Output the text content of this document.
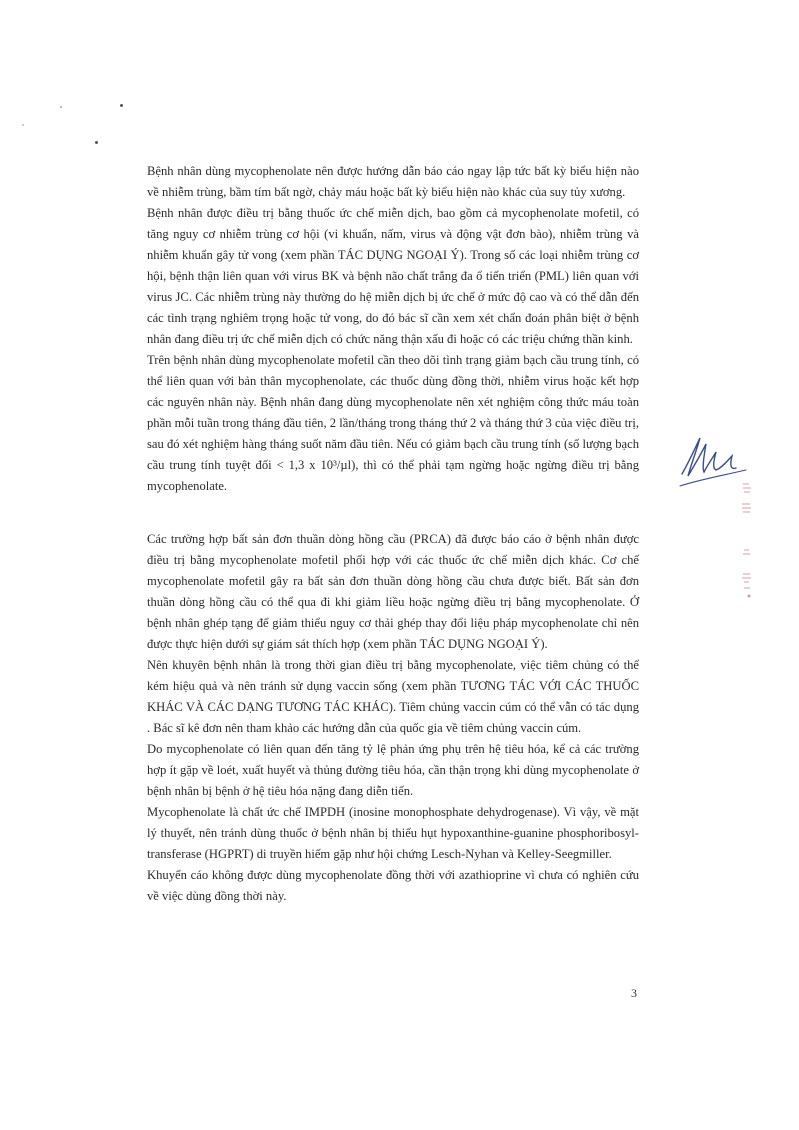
Bệnh nhân dùng mycophenolate nên được hướng dẫn báo cáo ngay lập tức bất kỳ biểu hiện nào về nhiễm trùng, bầm tím bất ngờ, chảy máu hoặc bất kỳ biểu hiện nào khác của suy tủy xương.

Bệnh nhân được điều trị bằng thuốc ức chế miễn dịch, bao gồm cả mycophenolate mofetil, có tăng nguy cơ nhiễm trùng cơ hội (vi khuẩn, nấm, virus và động vật đơn bào), nhiễm trùng và nhiễm khuẩn gây tử vong (xem phần TÁC DỤNG NGOẠI Ý). Trong số các loại nhiễm trùng cơ hội, bệnh thận liên quan với virus BK và bệnh não chất trắng đa ổ tiến triển (PML) liên quan với virus JC. Các nhiễm trùng này thường do hệ miễn dịch bị ức chế ở mức độ cao và có thể dẫn đến các tình trạng nghiêm trọng hoặc tử vong, do đó bác sĩ cần xem xét chẩn đoán phân biệt ở bệnh nhân đang điều trị ức chế miễn dịch có chức năng thận xấu đi hoặc có các triệu chứng thần kinh.

Trên bệnh nhân dùng mycophenolate mofetil cần theo dõi tình trạng giảm bạch cầu trung tính, có thể liên quan với bản thân mycophenolate, các thuốc dùng đồng thời, nhiễm virus hoặc kết hợp các nguyên nhân này. Bệnh nhân đang dùng mycophenolate nên xét nghiệm công thức máu toàn phần mỗi tuần trong tháng đầu tiên, 2 lần/tháng trong tháng thứ 2 và tháng thứ 3 của việc điều trị, sau đó xét nghiệm hàng tháng suốt năm đầu tiên. Nếu có giảm bạch cầu trung tính (số lượng bạch cầu trung tính tuyệt đối < 1,3 x 10³/µl), thì có thể phải tạm ngừng hoặc ngừng điều trị bằng mycophenolate.

Các trường hợp bất sản đơn thuần dòng hồng cầu (PRCA) đã được báo cáo ở bệnh nhân được điều trị bằng mycophenolate mofetil phối hợp với các thuốc ức chế miễn dịch khác. Cơ chế mycophenolate mofetil gây ra bất sản đơn thuần dòng hồng cầu chưa được biết. Bất sản đơn thuần dòng hồng cầu có thể qua đi khi giảm liều hoặc ngừng điều trị bằng mycophenolate. Ở bệnh nhân ghép tạng để giảm thiểu nguy cơ thải ghép thay đổi liệu pháp mycophenolate chỉ nên được thực hiện dưới sự giám sát thích hợp (xem phần TÁC DỤNG NGOẠI Ý).

Nên khuyên bệnh nhân là trong thời gian điều trị bằng mycophenolate, việc tiêm chủng có thể kém hiệu quả và nên tránh sử dụng vaccin sống (xem phần TƯƠNG TÁC VỚI CÁC THUỐC KHÁC VÀ CÁC DẠNG TƯƠNG TÁC KHÁC). Tiêm chủng vaccin cúm có thể vẫn có tác dụng . Bác sĩ kê đơn nên tham khảo các hướng dẫn của quốc gia về tiêm chủng vaccin cúm.

Do mycophenolate có liên quan đến tăng tỷ lệ phản ứng phụ trên hệ tiêu hóa, kể cả các trường hợp ít gặp về loét, xuất huyết và thủng đường tiêu hóa, cần thận trọng khi dùng mycophenolate ở bệnh nhân bị bệnh ở hệ tiêu hóa nặng đang diễn tiến.

Mycophenolate là chất ức chế IMPDH (inosine monophosphate dehydrogenase). Vì vậy, về mặt lý thuyết, nên tránh dùng thuốc ở bệnh nhân bị thiếu hụt hypoxanthine-guanine phosphoribosyl-transferase (HGPRT) di truyền hiếm gặp như hội chứng Lesch-Nyhan và Kelley-Seegmiller.

Khuyến cáo không được dùng mycophenolate đồng thời với azathioprine vì chưa có nghiên cứu về việc dùng đồng thời này.

3
